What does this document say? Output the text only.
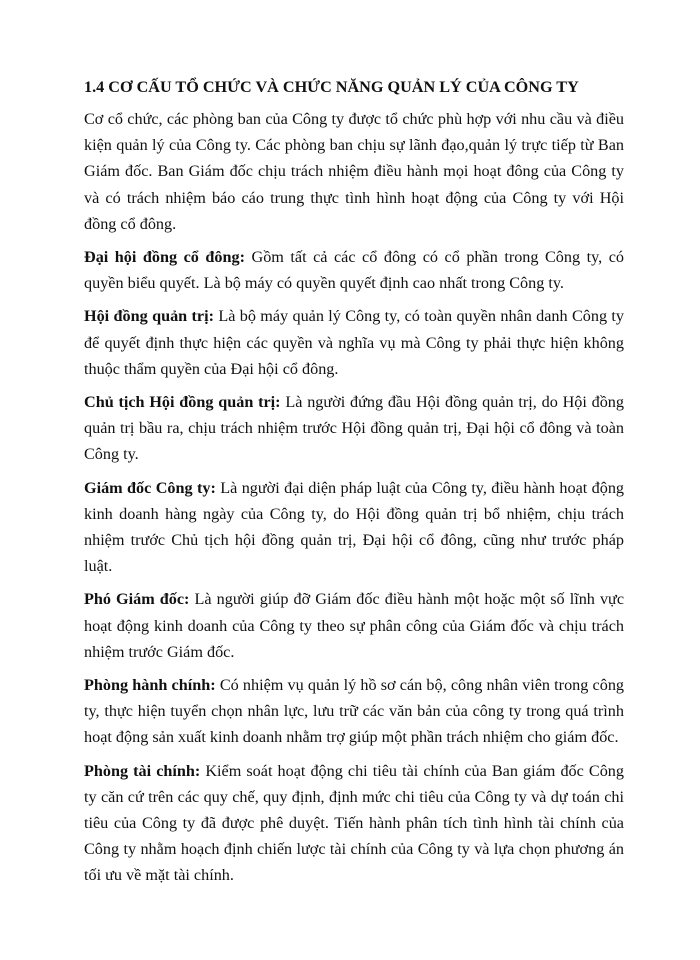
1.4 CƠ CẤU TỔ CHỨC VÀ CHỨC NĂNG QUẢN LÝ CỦA CÔNG TY
Cơ cổ chức, các phòng ban của Công ty được tổ chức phù hợp với nhu cầu và điều kiện quản lý của Công ty. Các phòng ban chịu sự lãnh đạo,quản lý trực tiếp từ Ban Giám đốc. Ban Giám đốc chịu trách nhiệm điều hành mọi hoạt đông của Công ty và có trách nhiệm báo cáo trung thực tình hình hoạt động của Công ty với Hội đồng cổ đông.
Đại hội đồng cổ đông: Gồm tất cả các cổ đông có cổ phần trong Công ty, có quyền biểu quyết. Là bộ máy có quyền quyết định cao nhất trong Công ty.
Hội đồng quản trị: Là bộ máy quản lý Công ty, có toàn quyền nhân danh Công ty để quyết định thực hiện các quyền và nghĩa vụ mà Công ty phải thực hiện không thuộc thẩm quyền của Đại hội cổ đông.
Chủ tịch Hội đồng quản trị: Là người đứng đầu Hội đồng quản trị, do Hội đồng quản trị bầu ra, chịu trách nhiệm trước Hội đồng quản trị, Đại hội cổ đông và toàn Công ty.
Giám đốc Công ty: Là người đại diện pháp luật của Công ty, điều hành hoạt động kinh doanh hàng ngày của Công ty, do Hội đồng quản trị bổ nhiệm, chịu trách nhiệm trước Chủ tịch hội đồng quản trị, Đại hội cổ đông, cũng như trước pháp luật.
Phó Giám đốc: Là người giúp đỡ Giám đốc điều hành một hoặc một số lĩnh vực hoạt động kinh doanh của Công ty theo sự phân công của Giám đốc và chịu trách nhiệm trước Giám đốc.
Phòng hành chính: Có nhiệm vụ quản lý hồ sơ cán bộ, công nhân viên trong công ty, thực hiện tuyển chọn nhân lực, lưu trữ các văn bản của công ty trong quá trình hoạt động sản xuất kinh doanh nhằm trợ giúp một phần trách nhiệm cho giám đốc.
Phòng tài chính: Kiểm soát hoạt động chi tiêu tài chính của Ban giám đốc Công ty căn cứ trên các quy chế, quy định, định mức chi tiêu của Công ty và dự toán chi tiêu của Công ty đã được phê duyệt. Tiến hành phân tích tình hình tài chính của Công ty nhằm hoạch định chiến lược tài chính của Công ty và lựa chọn phương án tối ưu về mặt tài chính.
